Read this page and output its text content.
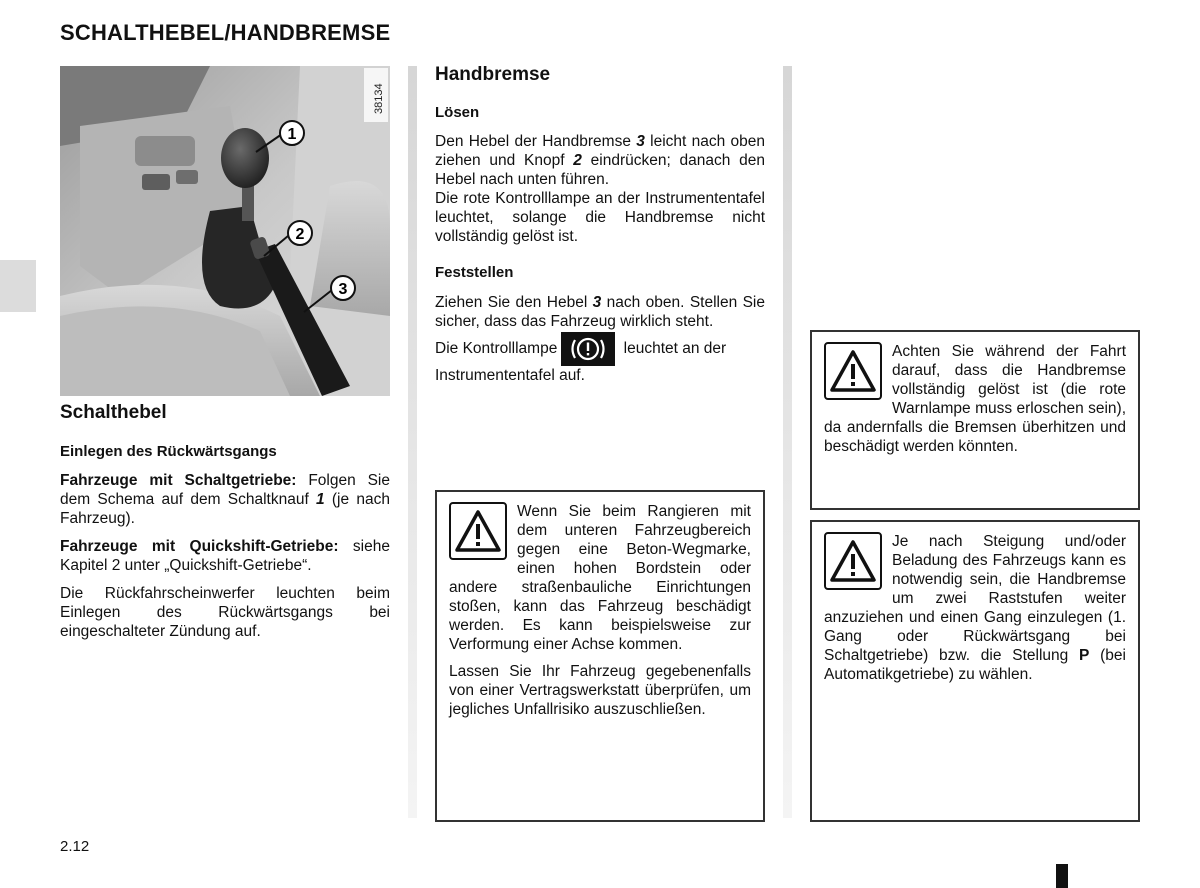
SCHALTHEBEL/HANDBREMSE
38134
1
2
3
Schalthebel
Einlegen des Rückwärtsgangs
Fahrzeuge mit Schaltgetriebe: Folgen Sie dem Schema auf dem Schaltknauf 1 (je nach Fahrzeug).
Fahrzeuge mit Quickshift-Getriebe: siehe Kapitel 2 unter „Quickshift-Getriebe“.
Die Rückfahrscheinwerfer leuchten beim Einlegen des Rückwärtsgangs bei eingeschalteter Zündung auf.
Handbremse
Lösen
Den Hebel der Handbremse 3 leicht nach oben ziehen und Knopf 2 eindrücken; danach den Hebel nach unten führen.
Die rote Kontrolllampe an der Instrumententafel leuchtet, solange die Handbremse nicht vollständig gelöst ist.
Feststellen
Ziehen Sie den Hebel 3 nach oben. Stellen Sie sicher, dass das Fahrzeug wirklich steht.
Die Kontrolllampe	leuchtet an der Instrumententafel auf.
Wenn Sie beim Rangieren mit dem unteren Fahrzeugbereich gegen eine Beton-Wegmarke, einen hohen Bordstein oder andere straßenbauliche Einrichtungen stoßen, kann das Fahrzeug beschädigt werden. Es kann beispielsweise zur Verformung einer Achse kommen.
Lassen Sie Ihr Fahrzeug gegebenenfalls von einer Vertragswerkstatt überprüfen, um jegliches Unfallrisiko auszuschließen.
Achten Sie während der Fahrt darauf, dass die Handbremse vollständig gelöst ist (die rote Warnlampe muss erloschen sein), da andernfalls die Bremsen überhitzen und beschädigt werden könnten.
Je nach Steigung und/oder Beladung des Fahrzeugs kann es notwendig sein, die Handbremse um zwei Raststufen weiter anzuziehen und einen Gang einzulegen (1. Gang oder Rückwärtsgang bei Schaltgetriebe) bzw. die Stellung P (bei Automatikgetriebe) zu wählen.
2.12
